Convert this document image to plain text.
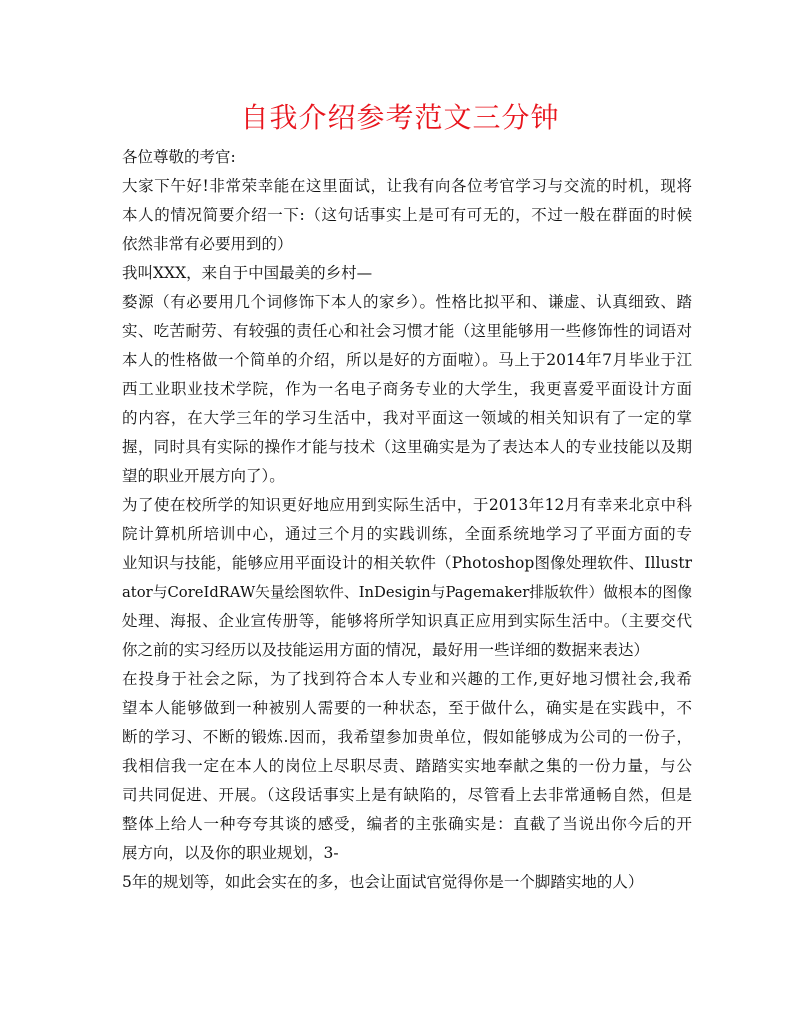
自我介绍参考范文三分钟
各位尊敬的考官:
大家下午好!非常荣幸能在这里面试，让我有向各位考官学习与交流的时机，现将
本人的情况简要介绍一下:（这句话事实上是可有可无的，不过一般在群面的时候
依然非常有必要用到的）
我叫XXX，来自于中国最美的乡村—
婺源（有必要用几个词修饰下本人的家乡）。性格比拟平和、谦虚、认真细致、踏
实、吃苦耐劳、有较强的责任心和社会习惯才能（这里能够用一些修饰性的词语对
本人的性格做一个简单的介绍，所以是好的方面啦）。马上于2014年7月毕业于江
西工业职业技术学院，作为一名电子商务专业的大学生，我更喜爱平面设计方面
的内容，在大学三年的学习生活中，我对平面这一领域的相关知识有了一定的掌
握，同时具有实际的操作才能与技术（这里确实是为了表达本人的专业技能以及期
望的职业开展方向了）。
为了使在校所学的知识更好地应用到实际生活中，于2013年12月有幸来北京中科
院计算机所培训中心，通过三个月的实践训练，全面系统地学习了平面方面的专
业知识与技能，能够应用平面设计的相关软件（Photoshop图像处理软件、Illustr
ator与CoreIdRAW矢量绘图软件、InDesigin与Pagemaker排版软件）做根本的图像
处理、海报、企业宣传册等，能够将所学知识真正应用到实际生活中。（主要交代
你之前的实习经历以及技能运用方面的情况，最好用一些详细的数据来表达）
在投身于社会之际，为了找到符合本人专业和兴趣的工作,更好地习惯社会,我希
望本人能够做到一种被别人需要的一种状态，至于做什么，确实是在实践中，不
断的学习、不断的锻炼.因而，我希望参加贵单位，假如能够成为公司的一份子，
我相信我一定在本人的岗位上尽职尽责、踏踏实实地奉献之集的一份力量，与公
司共同促进、开展。（这段话事实上是有缺陷的，尽管看上去非常通畅自然，但是
整体上给人一种夸夸其谈的感受，编者的主张确实是：直截了当说出你今后的开
展方向，以及你的职业规划，3-
5年的规划等，如此会实在的多，也会让面试官觉得你是一个脚踏实地的人）
